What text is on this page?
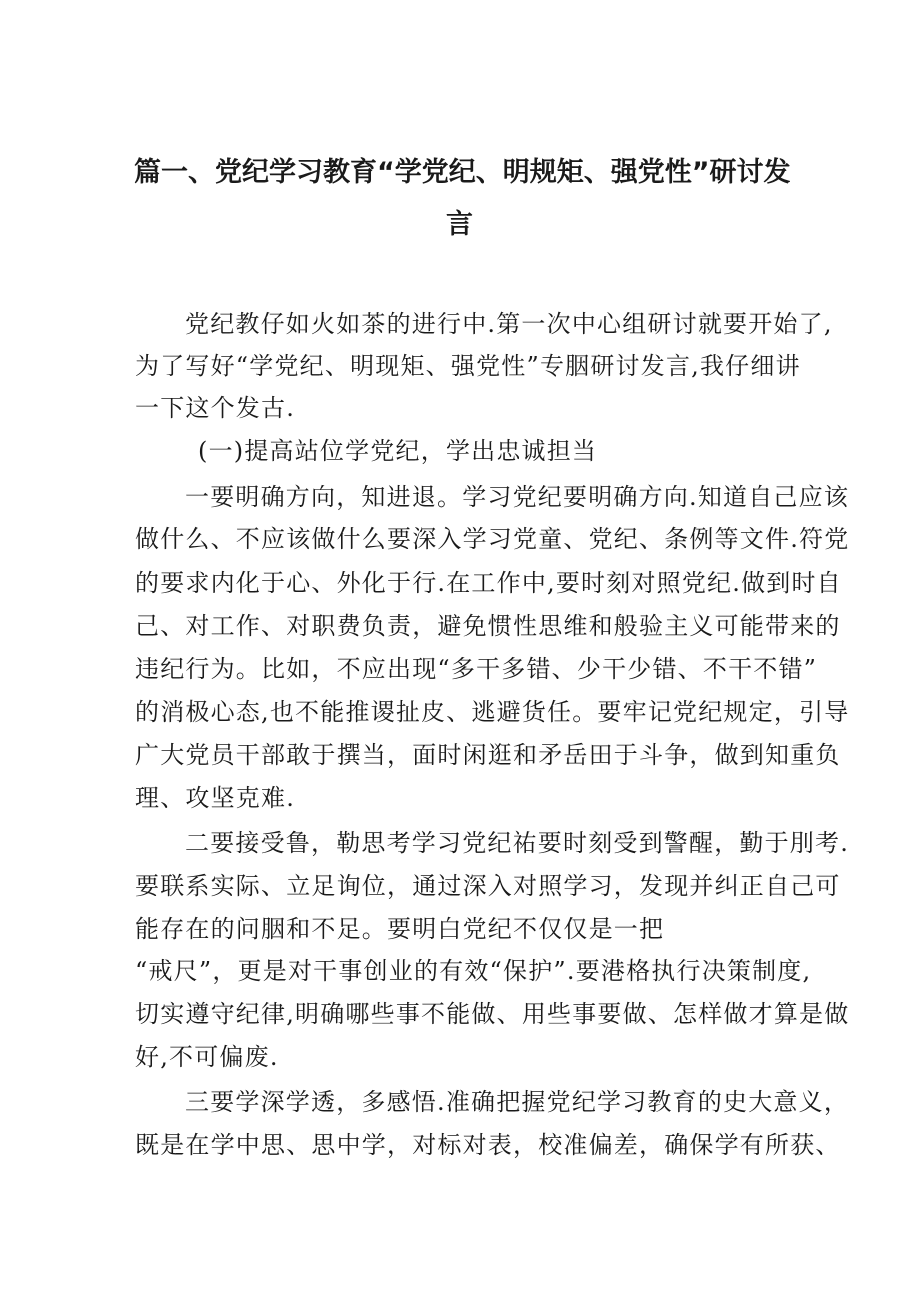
篇一、党纪学习教育“学党纪、明规矩、强党性”研讨发
言
党纪教仔如火如茶的进行中.第一次中心组研讨就要开始了,
为了写好“学党纪、明现矩、强党性”专胭研讨发言,我仔细讲
一下这个发古.
(一)提高站位学党纪，学出忠诚担当
一要明确方向，知进退。学习党纪要明确方向.知道自己应该
做什么、不应该做什么要深入学习党童、党纪、条例等文件.符党
的要求内化于心、外化于行.在工作中,要时刻对照党纪.做到时自
己、对工作、对职费负责，避免惯性思维和般验主义可能带来的
违纪行为。比如，不应出现“多干多错、少干少错、不干不错”
的消极心态,也不能推谡扯皮、逃避货任。要牢记党纪规定，引导
广大党员干部敢于撰当，面时闲逛和矛岳田于斗争，做到知重负
理、攻坚克难.
二要接受鲁，勒思考学习党纪祐要时刻受到警醒，勤于刖考.
要联系实际、立足询位，通过深入对照学习，发现并纠正自己可
能存在的问胭和不足。要明白党纪不仅仅是一把
“戒尺”，更是对干事创业的有效“保护”.要港格执行决策制度,
切实遵守纪律,明确哪些事不能做、用些事要做、怎样做才算是做
好,不可偏废.
三要学深学透，多感悟.准确把握党纪学习教育的史大意义，
既是在学中思、思中学，对标对表，校准偏差，确保学有所获、
